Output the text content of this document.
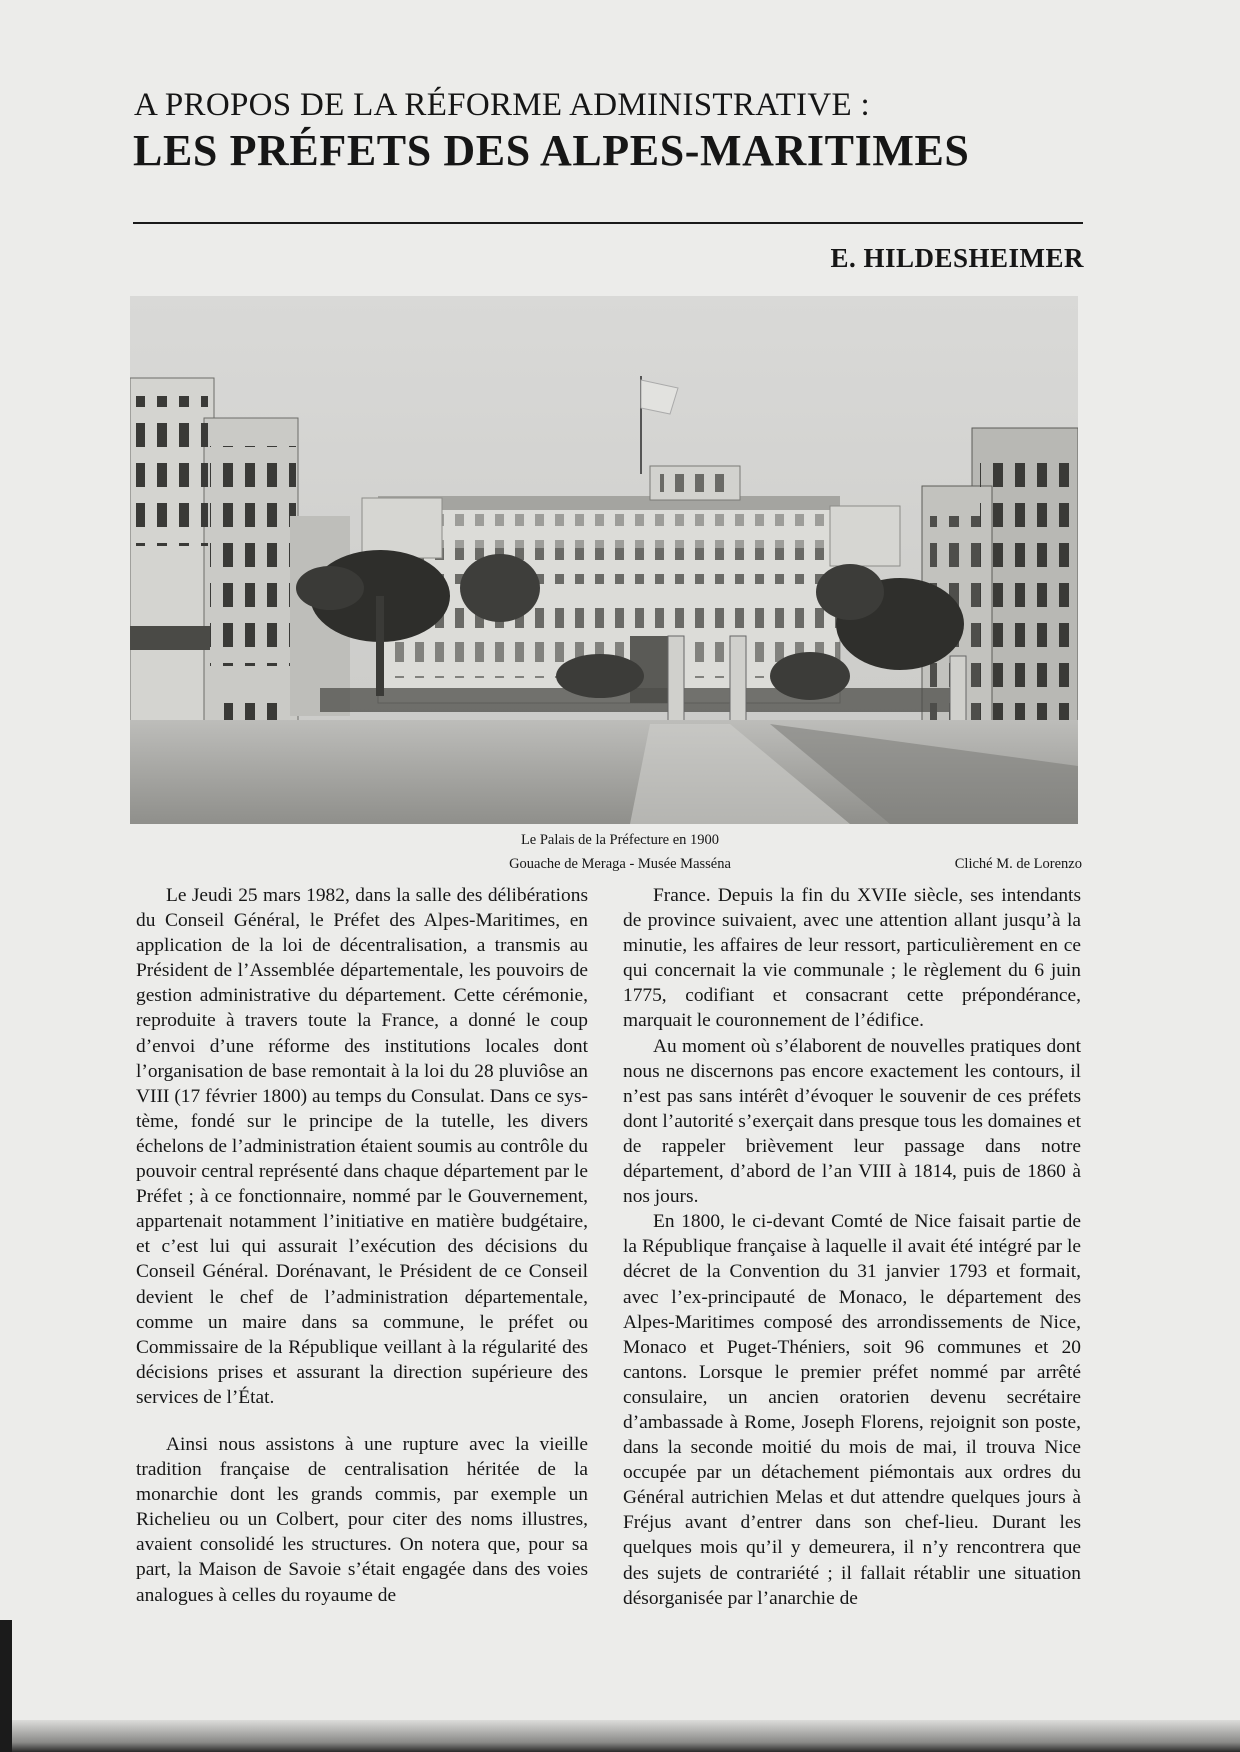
A PROPOS DE LA RÉFORME ADMINISTRATIVE :
LES PRÉFETS DES ALPES-MARITIMES
E. HILDESHEIMER
Le Palais de la Préfecture en 1900
Gouache de Meraga - Musée Masséna	Cliché M. de Lorenzo

Le Jeudi 25 mars 1982, dans la salle des délibérations du Conseil Général, le Préfet des Alpes-Maritimes, en application de la loi de décentralisation, a transmis au Président de l’Assemblée départementale, les pouvoirs de gestion administrative du département. Cette cérémonie, reproduite à travers toute la France, a donné le coup d’envoi d’une réforme des institutions locales dont l’organisation de base remontait à la loi du 28 pluviôse an VIII (17 février 1800) au temps du Consulat. Dans ce système, fondé sur le principe de la tutelle, les divers échelons de l’administration étaient soumis au contrôle du pouvoir central représenté dans chaque département par le Préfet ; à ce fonctionnaire, nommé par le Gouvernement, appartenait notamment l’initiative en matière budgétaire, et c’est lui qui assurait l’exécution des décisions du Conseil Général. Dorénavant, le Président de ce Conseil devient le chef de l’administration départementale, comme un maire dans sa commune, le préfet ou Commissaire de la République veillant à la régularité des décisions prises et assurant la direction supérieure des services de l’État.

Ainsi nous assistons à une rupture avec la vieille tradition française de centralisation héritée de la monarchie dont les grands commis, par exemple un Richelieu ou un Colbert, pour citer des noms illustres, avaient consolidé les structures. On notera que, pour sa part, la Maison de Savoie s’était engagée dans des voies analogues à celles du royaume de

France. Depuis la fin du XVIIe siècle, ses intendants de province suivaient, avec une attention allant jusqu’à la minutie, les affaires de leur ressort, particulièrement en ce qui concernait la vie communale ; le règlement du 6 juin 1775, codifiant et consacrant cette prépondérance, marquait le couronnement de l’édifice.

Au moment où s’élaborent de nouvelles pratiques dont nous ne discernons pas encore exactement les contours, il n’est pas sans intérêt d’évoquer le souvenir de ces préfets dont l’autorité s’exerçait dans presque tous les domaines et de rappeler brièvement leur passage dans notre département, d’abord de l’an VIII à 1814, puis de 1860 à nos jours.

En 1800, le ci-devant Comté de Nice faisait partie de la République française à laquelle il avait été intégré par le décret de la Convention du 31 janvier 1793 et formait, avec l’ex-principauté de Monaco, le département des Alpes-Maritimes composé des arrondissements de Nice, Monaco et Puget-Théniers, soit 96 communes et 20 cantons. Lorsque le premier préfet nommé par arrêté consulaire, un ancien oratorien devenu secrétaire d’ambassade à Rome, Joseph Florens, rejoignit son poste, dans la seconde moitié du mois de mai, il trouva Nice occupée par un détachement piémontais aux ordres du Général autrichien Melas et dut attendre quelques jours à Fréjus avant d’entrer dans son chef-lieu. Durant les quelques mois qu’il y demeurera, il n’y rencontrera que des sujets de contrariété ; il fallait rétablir une situation désorganisée par l’anarchie de
